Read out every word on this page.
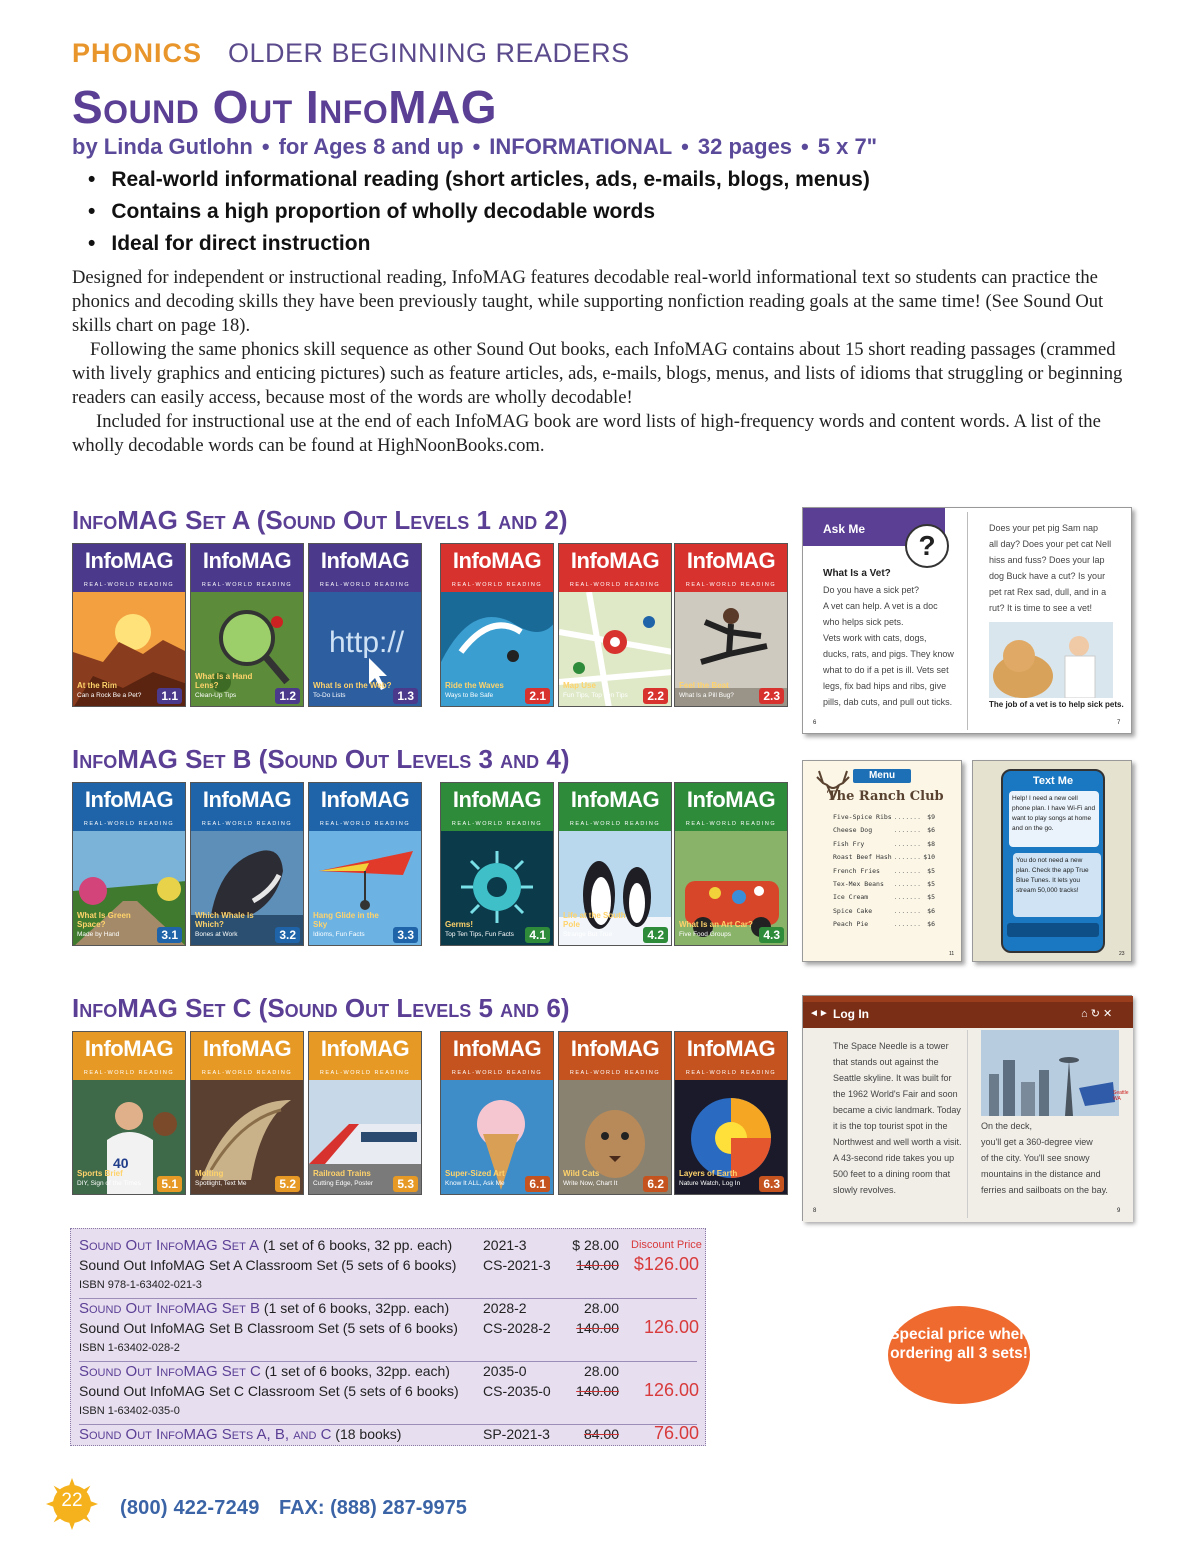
PHONICS OLDER BEGINNING READERS
Sound Out InfoMAG
by Linda Gutlohn • for Ages 8 and up • INFORMATIONAL • 32 pages • 5 x 7"
• Real-world informational reading (short articles, ads, e-mails, blogs, menus)
• Contains a high proportion of wholly decodable words
• Ideal for direct instruction

Designed for independent or instructional reading, InfoMAG features decodable real-world informational text so students can practice the phonics and decoding skills they have been previously taught, while supporting nonfiction reading goals at the same time! (See Sound Out skills chart on page 18).

Following the same phonics skill sequence as other Sound Out books, each InfoMAG contains about 15 short reading passages (crammed with lively graphics and enticing pictures) such as feature articles, ads, e-mails, blogs, menus, and lists of idioms that struggling or beginning readers can easily access, because most of the words are wholly decodable!

Included for instructional use at the end of each InfoMAG book are word lists of high-frequency words and content words. A list of the wholly decodable words can be found at HighNoonBooks.com.

InfoMAG Set A (Sound Out Levels 1 and 2)
InfoMAG Set B (Sound Out Levels 3 and 4)
InfoMAG Set C (Sound Out Levels 5 and 6)
InfoMAG
REAL-WORLD READING
At the Rim
Can a Rock Be a Pet?	1.1
InfoMAG
REAL-WORLD READING
What Is a Hand Lens?
Clean-Up Tips	1.2
http://
InfoMAG
REAL-WORLD READING
What Is on the Web?
To-Do Lists	1.3
InfoMAG
REAL-WORLD READING
Ride the Waves
Ways to Be Safe	2.1
InfoMAG
REAL-WORLD READING
Map Use
Fun Tips, Top Ten Tips	2.2
InfoMAG
REAL-WORLD READING
Feel the Beat
What Is a Pill Bug?	2.3
InfoMAG
REAL-WORLD READING
What Is Green Space?
Made by Hand	3.1
InfoMAG
REAL-WORLD READING
Which Whale Is Which?
Bones at Work	3.2
InfoMAG
REAL-WORLD READING
Hang Glide in the Sky
Idioms, Fun Facts	3.3
InfoMAG
REAL-WORLD READING
Germs!
Top Ten Tips, Fun Facts	4.1
InfoMAG
REAL-WORLD READING
Life at the South Pole
Strange But True	4.2
InfoMAG
REAL-WORLD READING
What Is an Art Car?
Five Food Groups	4.3
40
InfoMAG
REAL-WORLD READING
Sports Brief
DIY, Sign of the Times	5.1
InfoMAG
REAL-WORLD READING
Molting
Spotlight, Text Me	5.2
InfoMAG
REAL-WORLD READING
Railroad Trains
Cutting Edge, Poster	5.3
InfoMAG
REAL-WORLD READING
Super-Sized Art
Know It ALL, Ask Me	6.1
InfoMAG
REAL-WORLD READING
Wild Cats
Write Now, Chart It	6.2
InfoMAG
REAL-WORLD READING
Layers of Earth
Nature Watch, Log In	6.3
Ask Me
?
What Is a Vet?
Do you have a sick pet?
A vet can help. A vet is a doc
who helps sick pets.
Vets work with cats, dogs,
ducks, rats, and pigs. They know
what to do if a pet is ill. Vets set
legs, fix bad hips and ribs, give
pills, dab cuts, and pull out ticks.
Does your pet pig Sam nap
all day? Does your pet cat Nell
hiss and fuss? Does your lap
dog Buck have a cut? Is your
pet rat Rex sad, dull, and in a
rut? It is time to see a vet!
The job of a vet is to help sick pets.
6	7
Menu
The Ranch Club
Five-Spice Ribs ....... $9
Cheese Dog	....... $6
Fish Fry	....... $8
Roast Beef Hash ....... $10
French Fries ....... $5
Tex-Mex Beans ....... $5
Ice Cream	....... $5
Spice Cake	....... $6
Peach Pie	....... $6
11
Text Me
Help! I need a new cell phone plan. I have Wi-Fi and want to play songs at home and on the go.
You do not need a new plan. Check the app True Blue Tunes. It lets you stream 50,000 tracks!
23
◄► Log In	⌂ ↻ ✕
The Space Needle is a tower
that stands out against the
Seattle skyline. It was built for
the 1962 World's Fair and soon
became a civic landmark. Today
it is the top tourist spot in the
Northwest and well worth a visit.
A 43-second ride takes you up
500 feet to a dining room that
slowly revolves.
Seattle WA
On the deck,
you'll get a 360-degree view
of the city. You'll see snowy
mountains in the distance and
ferries and sailboats on the bay.
8	9
Discount Price
Sound Out InfoMAG Set A (1 set of 6 books, 32 pp. each) 2021-3	$ 28.00
Sound Out InfoMAG Set A Classroom Set (5 sets of 6 books) CS-2021-3	140.00 $126.00
ISBN 978-1-63402-021-3
Sound Out InfoMAG Set B (1 set of 6 books, 32pp. each) 2028-2	28.00
Sound Out InfoMAG Set B Classroom Set (5 sets of 6 books) CS-2028-2	140.00	126.00
ISBN 1-63402-028-2
Sound Out InfoMAG Set C (1 set of 6 books, 32pp. each) 2035-0	28.00
Sound Out InfoMAG Set C Classroom Set (5 sets of 6 books) CS-2035-0	140.00	126.00
ISBN 1-63402-035-0
Sound Out InfoMAG Sets A, B, and C (18 books)	SP-2021-3	84.00	76.00
Special price when ordering all 3 sets!
22	(800) 422-7249 FAX: (888) 287-9975
